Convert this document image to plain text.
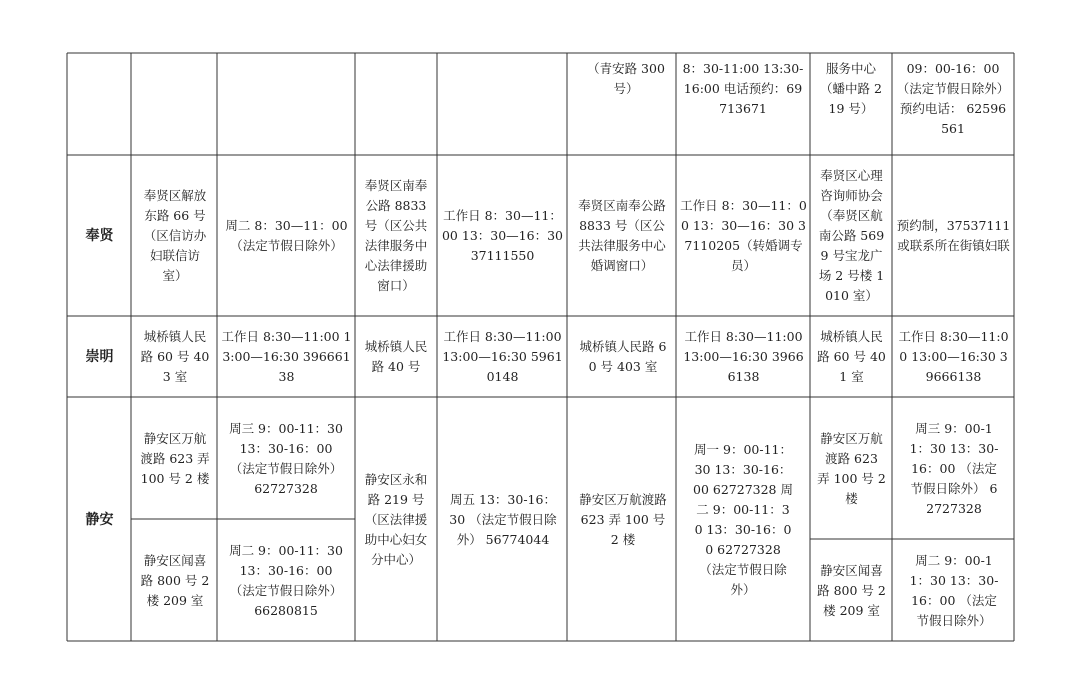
（青安路 300 号）
8：30-11:00 13:30-16:00 电话预约：69713671
服务中心 （蟠中路 219 号）
09：00-16：00 （法定节假日除外） 预约电话： 62596561
奉贤
奉贤区解放东路 66 号（区信访办妇联信访室）
周二 8：30—11：00 （法定节假日除外）
奉贤区南奉公路 8833 号（区公共法律服务中心法律援助窗口）
工作日 8：30—11：00 13：30—16：30 37111550
奉贤区南奉公路 8833 号（区公共法律服务中心婚调窗口）
工作日 8：30—11：00 13：30—16：30 37110205（转婚调专员）
奉贤区心理咨询师协会（奉贤区航南公路 5699 号宝龙广场 2 号楼 1010 室）
预约制，37537111 或联系所在街镇妇联
崇明
城桥镇人民路 60 号 403 室
工作日 8:30—11:00 13:00—16:30 39666138
城桥镇人民路 40 号
工作日 8:30—11:00 13:00—16:30 59610148
城桥镇人民路 60 号 403 室
工作日 8:30—11:00 13:00—16:30 39666138
城桥镇人民路 60 号 401 室
工作日 8:30—11:00 13:00—16:30 39666138
静安
静安区万航渡路 623 弄 100 号 2 楼
周三 9：00-11：30 13：30-16：00 （法定节假日除外） 62727328
静安区闻喜路 800 号 2 楼 209 室
周二 9：00-11：30 13：30-16：00 （法定节假日除外） 66280815
静安区永和路 219 号（区法律援助中心妇女分中心）
周五 13：30-16：30 （法定节假日除外） 56774044
静安区万航渡路 623 弄 100 号 2 楼
周一 9：00-11：30 13：30-16：00 62727328 周二 9：00-11：30 13：30-16：00 62727328 （法定节假日除外）
静安区万航渡路 623 弄 100 号 2 楼
周三 9：00-11：30 13：30-16：00 （法定节假日除外） 62727328
静安区闻喜路 800 号 2 楼 209 室
周二 9：00-11：30 13：30-16：00 （法定节假日除外）
